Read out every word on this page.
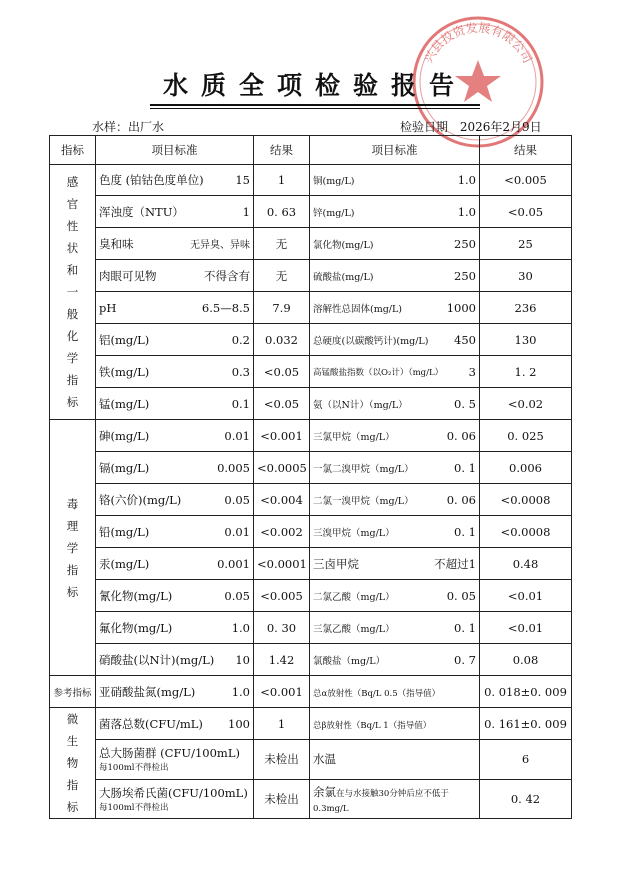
兴县投资发展有限公司
水质全项检验报告
水样：出厂水	检验日期 2026年2月9日
指标	项目标准	结果	项目标准	结果
感官性状和一般化学指标	色度 (铂钴色度单位) 15	1	铜(mg/L) 1.0	<0.005

	浑浊度（NTU） 1	0. 63	锌(mg/L) 1.0	<0.05

	臭和味 无异臭、异味	无	氯化物(mg/L) 250	25

	肉眼可见物 不得含有	无	硫酸盐(mg/L) 250	30

	pH 6.5—8.5	7.9	溶解性总固体(mg/L) 1000	236

	铝(mg/L) 0.2	0.032	总硬度(以碳酸钙计)(mg/L) 450	130

	铁(mg/L) 0.3	<0.05	高锰酸盐指数（以O₂计）（mg/L） 3	1. 2

	锰(mg/L) 0.1	<0.05	氨（以N计）（mg/L） 0. 5	<0.02
毒理学指标	砷(mg/L) 0.01	<0.001	三氯甲烷（mg/L） 0. 06	0. 025

	镉(mg/L) 0.005	<0.0005	一氯二溴甲烷（mg/L） 0. 1	0.006

	铬(六价)(mg/L) 0.05	<0.004	二氯一溴甲烷（mg/L） 0. 06	<0.0008

	铅(mg/L) 0.01	<0.002	三溴甲烷（mg/L） 0. 1	<0.0008

	汞(mg/L) 0.001	<0.0001	三卤甲烷 不超过1	0.48

	氰化物(mg/L) 0.05	<0.005	二氯乙酸（mg/L） 0. 05	<0.01

	氟化物(mg/L) 1.0	0. 30	三氯乙酸（mg/L） 0. 1	<0.01

	硝酸盐(以N计)(mg/L) 10	1.42	氯酸盐（mg/L） 0. 7	0.08
参考指标	亚硝酸盐氮(mg/L) 1.0	<0.001	总α放射性（Bq/L 0.5（指导值）	0. 018±0. 009
微生物指标	菌落总数(CFU/mL) 100	1	总β放射性（Bq/L 1（指导值）	0. 161±0. 009

	总大肠菌群 (CFU/100mL)
每100ml不得检出	未检出	水温	6

	大肠埃希氏菌(CFU/100mL)
每100ml不得检出	未检出	余氯在与水接触30分钟后应不低于0.3mg/L	0. 42
